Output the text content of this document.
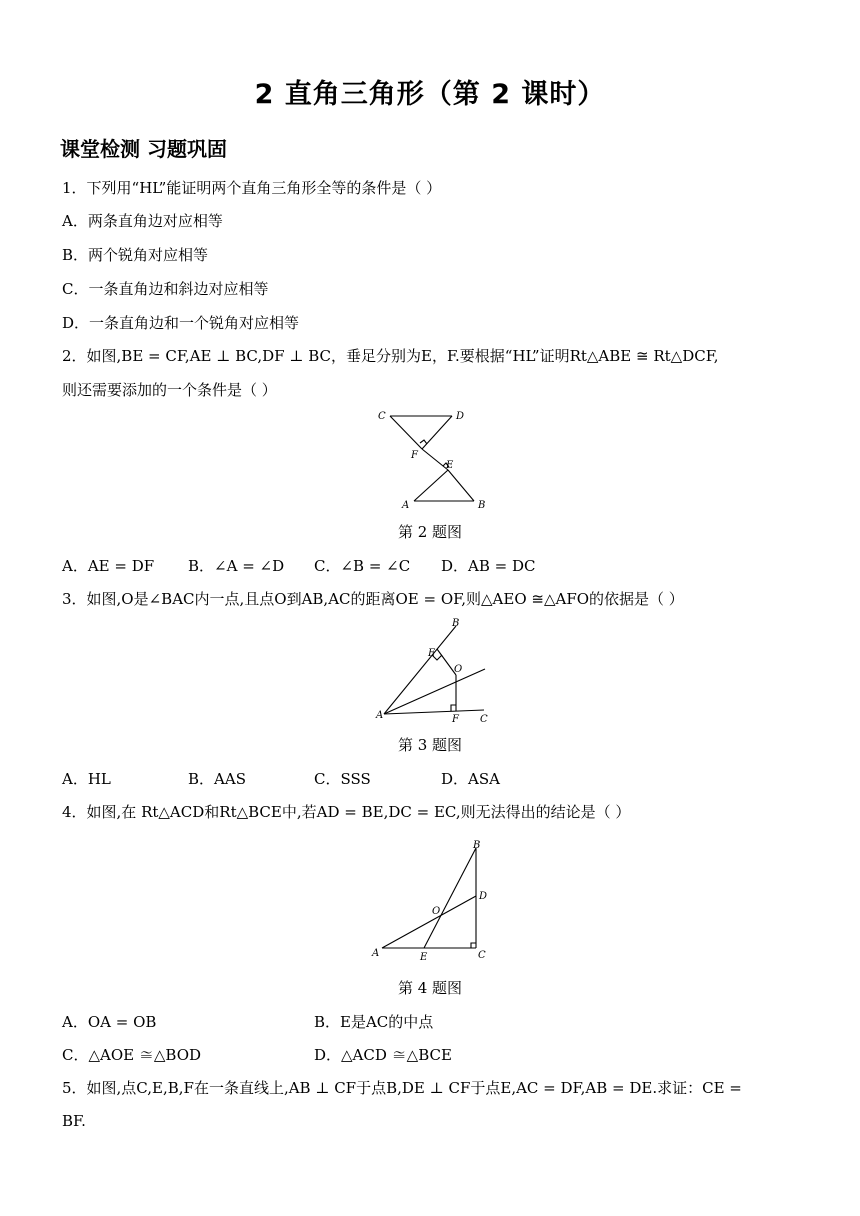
2 直角三角形（第 2 课时）
课堂检测 习题巩固
1．下列用“HL”能证明两个直角三角形全等的条件是（ ）
A．两条直角边对应相等
B．两个锐角对应相等
C．一条直角边和斜边对应相等
D．一条直角边和一个锐角对应相等
2．如图,BE = CF,AE ⊥ BC,DF ⊥ BC，垂足分别为E，F.要根据“HL”证明Rt△ABE ≅ Rt△DCF,
则还需要添加的一个条件是（ ）
C	D
F
E
A	B
第 2 题图
A．AE = DF B．∠A = ∠D C．∠B = ∠C D．AB = DC
3．如图,O是∠BAC内一点,且点O到AB,AC的距离OE = OF,则△AEO ≅△AFO的依据是（ ）
B
E
O
A	F C
第 3 题图
A．HL	B．AAS	C．SSS	D．ASA
4．如图,在 Rt△ACD和Rt△BCE中,若AD = BE,DC = EC,则无法得出的结论是（ ）
B
D
O
A	E	C
第 4 题图
A．OA = OB	B．E是AC的中点
C．△AOE ≅△BOD	D．△ACD ≅△BCE
5．如图,点C,E,B,F在一条直线上,AB ⊥ CF于点B,DE ⊥ CF于点E,AC = DF,AB = DE.求证：CE =
BF.
